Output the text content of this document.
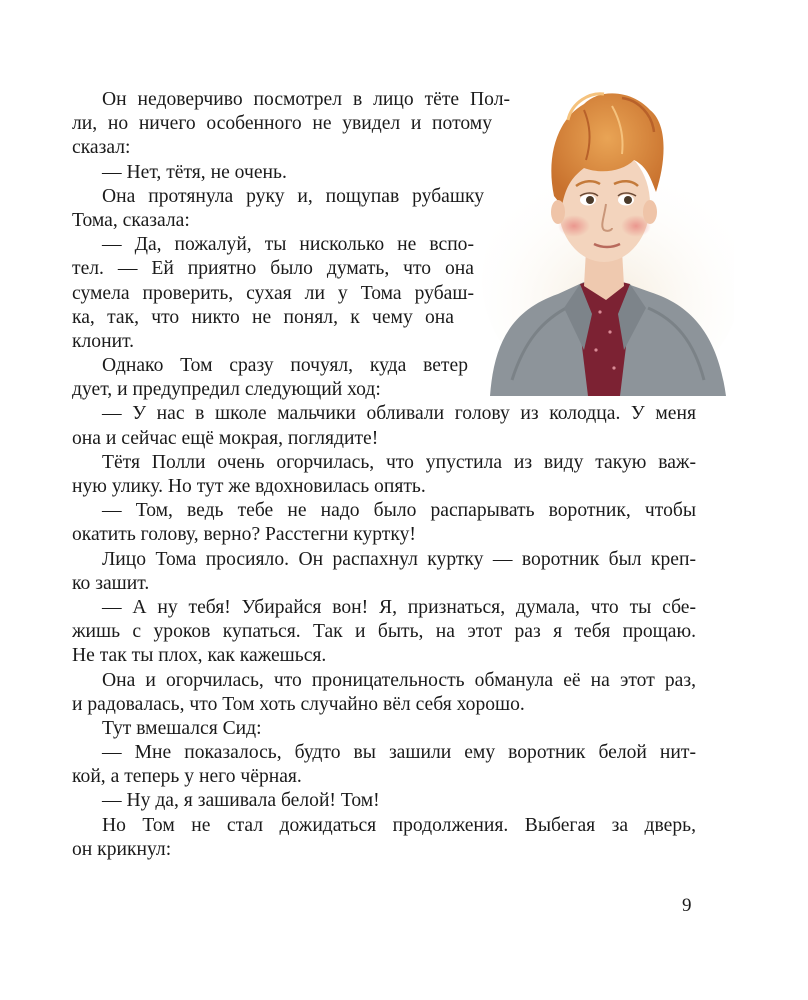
Он недоверчиво посмотрел в лицо тёте Пол-
ли, но ничего особенного не увидел и потому
сказал:
— Нет, тётя, не очень.
Она протянула руку и, пощупав рубашку
Тома, сказала:
— Да, пожалуй, ты нисколько не вспо-
тел. — Ей приятно было думать, что она
сумела проверить, сухая ли у Тома рубаш-
ка, так, что никто не понял, к чему она
клонит.
Однако Том сразу почуял, куда ветер
дует, и предупредил следующий ход:
— У нас в школе мальчики обливали голову из колодца. У меня
она и сейчас ещё мокрая, поглядите!
Тётя Полли очень огорчилась, что упустила из виду такую важ-
ную улику. Но тут же вдохновилась опять.
— Том, ведь тебе не надо было распарывать воротник, чтобы
окатить голову, верно? Расстегни куртку!
Лицо Тома просияло. Он распахнул куртку — воротник был креп-
ко зашит.
— А ну тебя! Убирайся вон! Я, признаться, думала, что ты сбе-
жишь с уроков купаться. Так и быть, на этот раз я тебя прощаю.
Не так ты плох, как кажешься.
Она и огорчилась, что проницательность обманула её на этот раз,
и радовалась, что Том хоть случайно вёл себя хорошо.
Тут вмешался Сид:
— Мне показалось, будто вы зашили ему воротник белой нит-
кой, а теперь у него чёрная.
— Ну да, я зашивала белой! Том!
Но Том не стал дожидаться продолжения. Выбегая за дверь,
он крикнул:
9
